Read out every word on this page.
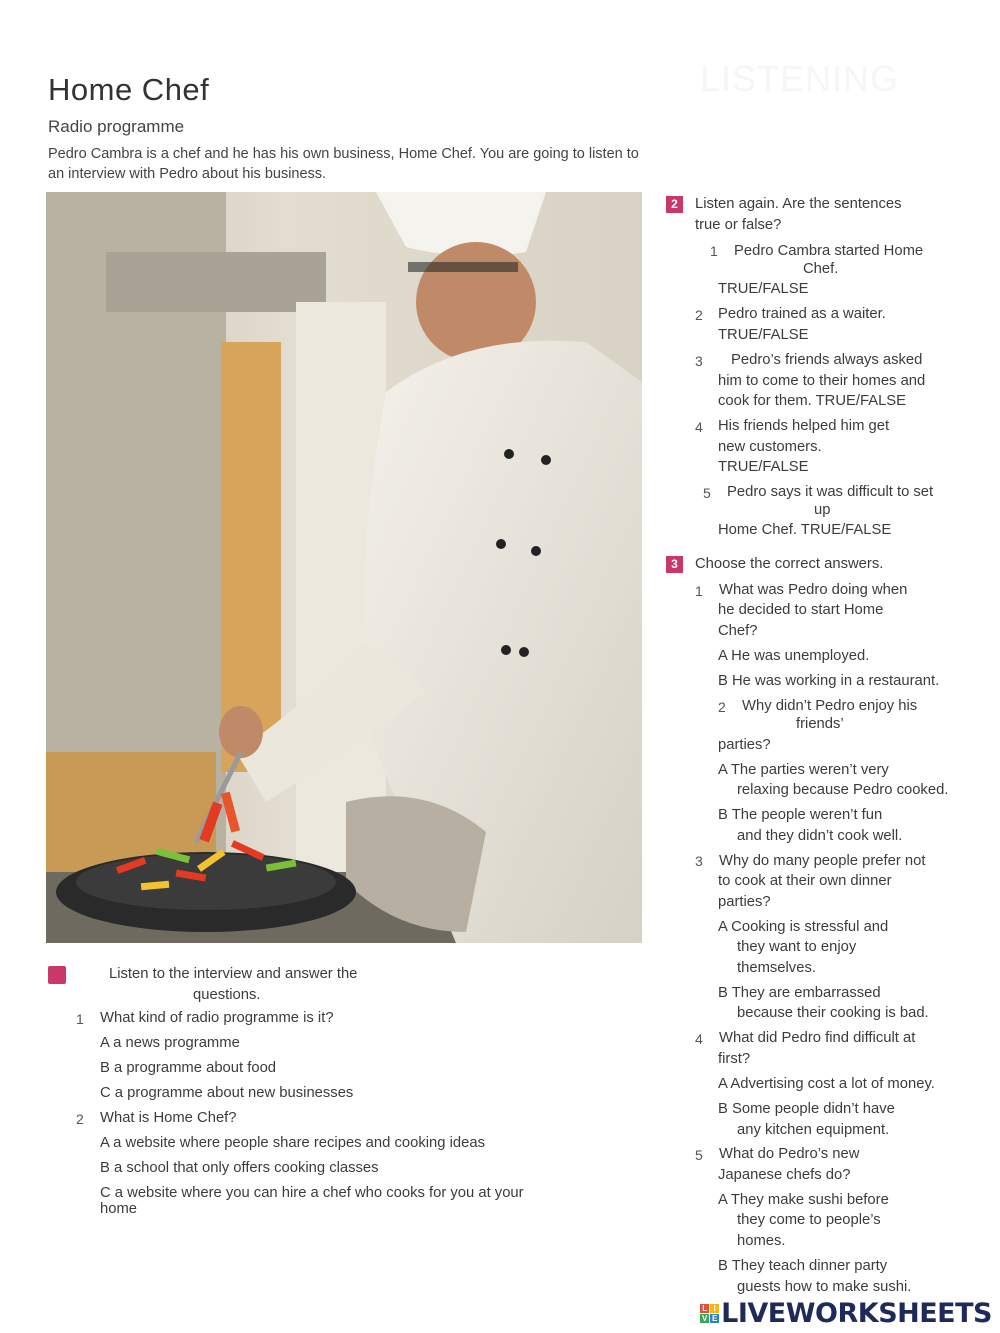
LISTENING
Home Chef
Radio programme
Pedro Cambra is a chef and he has his own business, Home Chef. You are going to listen to an interview with Pedro about his business.
Listen to the interview and answer the
questions.
1 What kind of radio programme is it?
A a news programme
B a programme about food
C a programme about new businesses
2 What is Home Chef?
A a website where people share recipes and cooking ideas
B a school that only offers cooking classes
C a website where you can hire a chef who cooks for you at your
home
2	Listen again. Are the sentences
true or false?
1 Pedro Cambra started Home
Chef.
TRUE/FALSE
2 Pedro trained as a waiter.
TRUE/FALSE
3 Pedro’s friends always asked
him to come to their homes and
cook for them. TRUE/FALSE
4 His friends helped him get
new customers.
TRUE/FALSE
5 Pedro says it was difficult to set
up
Home Chef. TRUE/FALSE
3	Choose the correct answers.
1 What was Pedro doing when
he decided to start Home
Chef?
A He was unemployed.
B He was working in a restaurant.
2 Why didn’t Pedro enjoy his
friends’
parties?
A The parties weren’t very
relaxing because Pedro cooked.
B The people weren’t fun
and they didn’t cook well.
3 Why do many people prefer not
to cook at their own dinner
parties?
A Cooking is stressful and
they want to enjoy
themselves.
B They are embarrassed
because their cooking is bad.
4 What did Pedro find difficult at
first?
A Advertising cost a lot of money.
B Some people didn’t have
any kitchen equipment.
5 What do Pedro’s new
Japanese chefs do?
A They make sushi before
they come to people’s
homes.
B They teach dinner party
guests how to make sushi.
L I
V E LIVEWORKSHEETS
